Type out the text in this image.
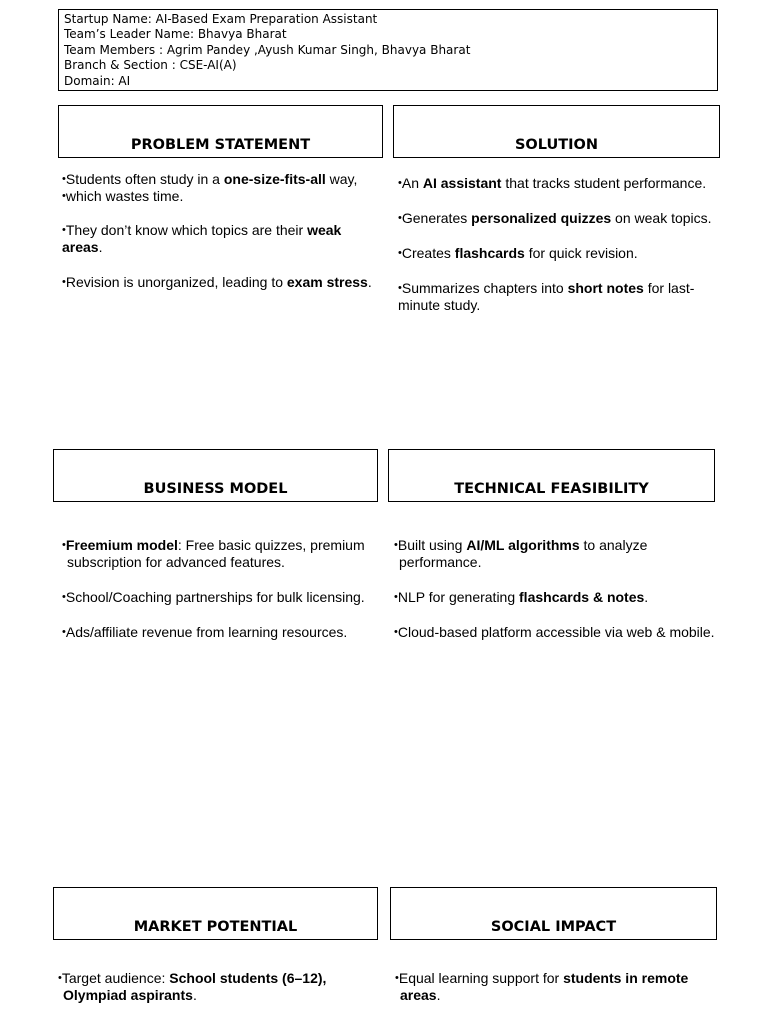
Startup Name: AI-Based Exam Preparation Assistant
Team’s Leader Name: Bhavya Bharat
Team Members : Agrim Pandey ,Ayush Kumar Singh, Bhavya Bharat
Branch & Section : CSE-AI(A)
Domain: AI
PROBLEM STATEMENT
•Students often study in a one-size-fits-all way,
•which wastes time.
•They don’t know which topics are their weak areas.
•Revision is unorganized, leading to exam stress.
SOLUTION
•An AI assistant that tracks student performance.
•Generates personalized quizzes on weak topics.
•Creates flashcards for quick revision.
•Summarizes chapters into short notes for last-minute study.
BUSINESS MODEL
•Freemium model: Free basic quizzes, premium subscription for advanced features.
•School/Coaching partnerships for bulk licensing.
•Ads/affiliate revenue from learning resources.
TECHNICAL FEASIBILITY
•Built using AI/ML algorithms to analyze performance.
•NLP for generating flashcards & notes.
•Cloud-based platform accessible via web & mobile.
MARKET POTENTIAL
•Target audience: School students (6–12), Olympiad aspirants.
SOCIAL IMPACT
•Equal learning support for students in remote areas.
